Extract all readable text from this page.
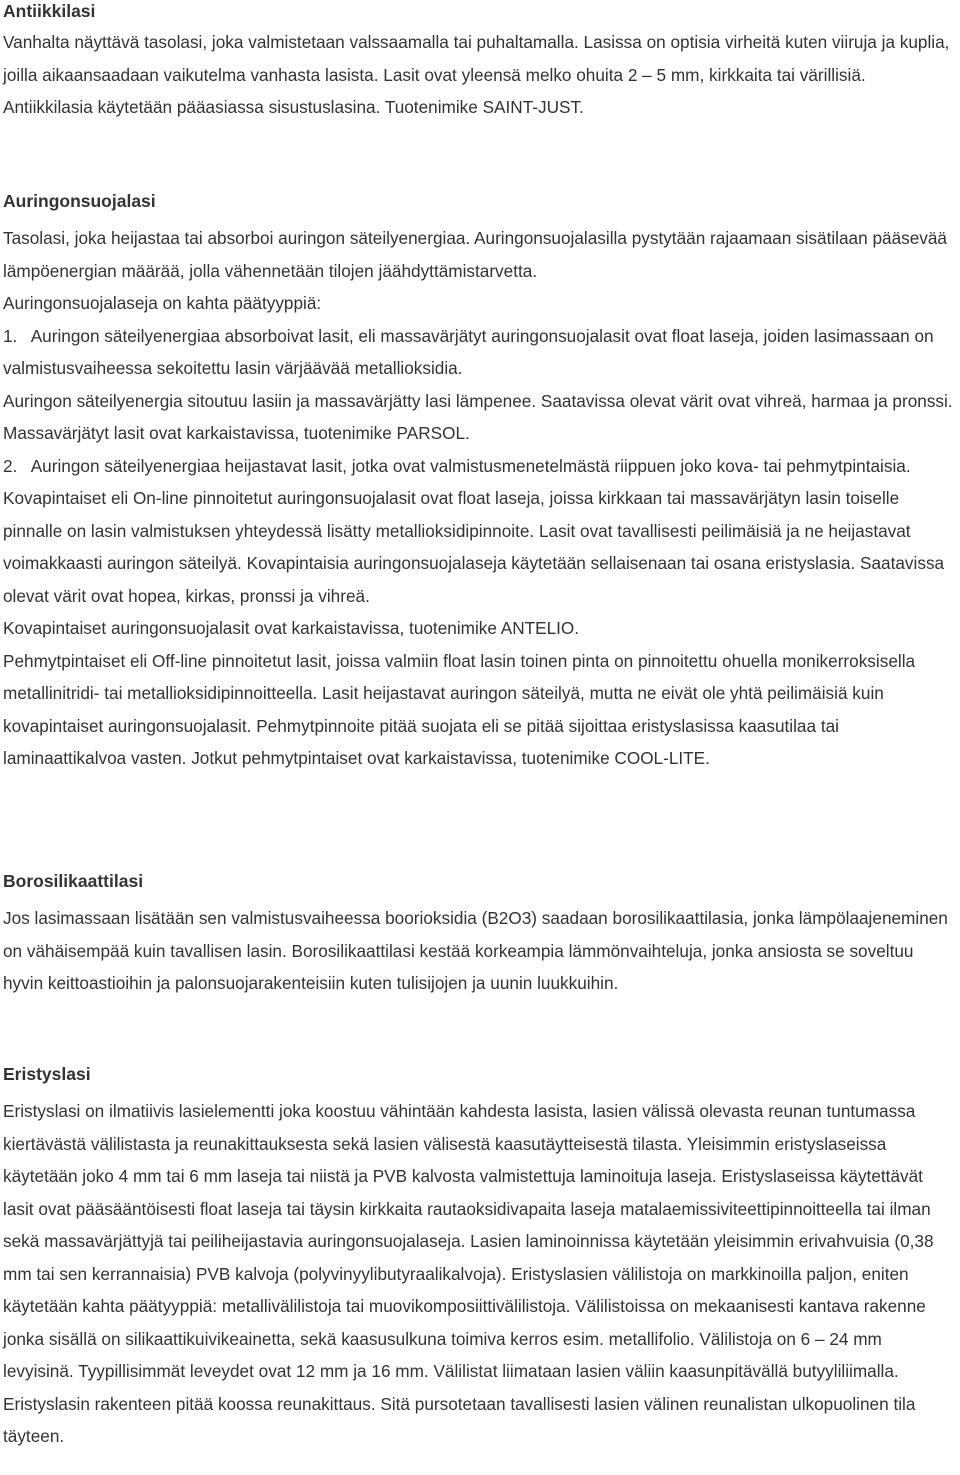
Antiikkilasi

Vanhalta näyttävä tasolasi, joka valmistetaan valssaamalla tai puhaltamalla. Lasissa on optisia virheitä kuten viiruja ja kuplia, joilla aikaansaadaan vaikutelma vanhasta lasista. Lasit ovat yleensä melko ohuita 2 – 5 mm, kirkkaita tai värillisiä. Antiikkilasia käytetään pääasiassa sisustuslasina. Tuotenimike SAINT-JUST.

Auringonsuojalasi

Tasolasi, joka heijastaa tai absorboi auringon säteilyenergiaa. Auringonsuojalasilla pystytään rajaamaan sisätilaan pääsevää lämpöenergian määrää, jolla vähennetään tilojen jäähdyttämistarvetta.

Auringonsuojalaseja on kahta päätyyppiä:

1.   Auringon säteilyenergiaa absorboivat lasit, eli massavärjätyt auringonsuojalasit ovat float laseja, joiden lasimassaan on valmistusvaiheessa sekoitettu lasin värjäävää metallioksidia.

Auringon säteilyenergia sitoutuu lasiin ja massavärjätty lasi lämpenee. Saatavissa olevat värit ovat vihreä, harmaa ja pronssi. Massavärjätyt lasit ovat karkaistavissa, tuotenimike PARSOL.

2.   Auringon säteilyenergiaa heijastavat lasit, jotka ovat valmistusmenetelmästä riippuen joko kova- tai pehmytpintaisia.

Kovapintaiset eli On-line pinnoitetut auringonsuojalasit ovat float laseja, joissa kirkkaan tai massavärjätyn lasin toiselle pinnalle on lasin valmistuksen yhteydessä lisätty metallioksidipinnoite. Lasit ovat tavallisesti peilimäisiä ja ne heijastavat voimakkaasti auringon säteilyä. Kovapintaisia auringonsuojalaseja käytetään sellaisenaan tai osana eristyslasia. Saatavissa olevat värit ovat hopea, kirkas, pronssi ja vihreä.

Kovapintaiset auringonsuojalasit ovat karkaistavissa, tuotenimike ANTELIO.

Pehmytpintaiset eli Off-line pinnoitetut lasit, joissa valmiin float lasin toinen pinta on pinnoitettu ohuella monikerroksisella metallinitridi- tai metallioksidipinnoitteella. Lasit heijastavat auringon säteilyä, mutta ne eivät ole yhtä peilimäisiä kuin kovapintaiset auringonsuojalasit. Pehmytpinnoite pitää suojata eli se pitää sijoittaa eristyslasissa kaasutilaa tai laminaattikalvoa vasten. Jotkut pehmytpintaiset ovat karkaistavissa, tuotenimike COOL-LITE.

Borosilikaattilasi

Jos lasimassaan lisätään sen valmistusvaiheessa boorioksidia (B2O3) saadaan borosilikaattilasia, jonka lämpölaajeneminen on vähäisempää kuin tavallisen lasin. Borosilikaattilasi kestää korkeampia lämmönvaihteluja, jonka ansiosta se soveltuu hyvin keittoastioihin ja palonsuojarakenteisiin kuten tulisijojen ja uunin luukkuihin.

Eristyslasi

Eristyslasi on ilmatiivis lasielementti joka koostuu vähintään kahdesta lasista, lasien välissä olevasta reunan tuntumassa kiertävästä välilistasta ja reunakittauksesta sekä lasien välisestä kaasutäytteisestä tilasta. Yleisimmin eristyslaseissa käytetään joko 4 mm tai 6 mm laseja tai niistä ja PVB kalvosta valmistettuja laminoituja laseja. Eristyslaseissa käytettävät lasit ovat pääsääntöisesti float laseja tai täysin kirkkaita rautaoksidivapaita laseja matalaemissiviteettipinnoitteella tai ilman sekä massavärjättyjä tai peiliheijastavia auringonsuojalaseja. Lasien laminoinnissa käytetään yleisimmin erivahvuisia (0,38 mm tai sen kerrannaisia) PVB kalvoja (polyvinyylibutyraalikalvoja). Eristyslasien välilistoja on markkinoilla paljon, eniten käytetään kahta päätyyppiä: metallivälilistoja tai muovikomposiittivälilistoja. Välilistoissa on mekaanisesti kantava rakenne jonka sisällä on silikaattikuivikeainetta, sekä kaasusulkuna toimiva kerros esim. metallifolio. Välilistoja on 6 – 24 mm levyisinä. Tyypillisimmät leveydet ovat 12 mm ja 16 mm. Välilistat liimataan lasien väliin kaasunpitävällä butyyliliimalla. Eristyslasin rakenteen pitää koossa reunakittaus. Sitä pursotetaan tavallisesti lasien välinen reunalistan ulkopuolinen tila täyteen.
